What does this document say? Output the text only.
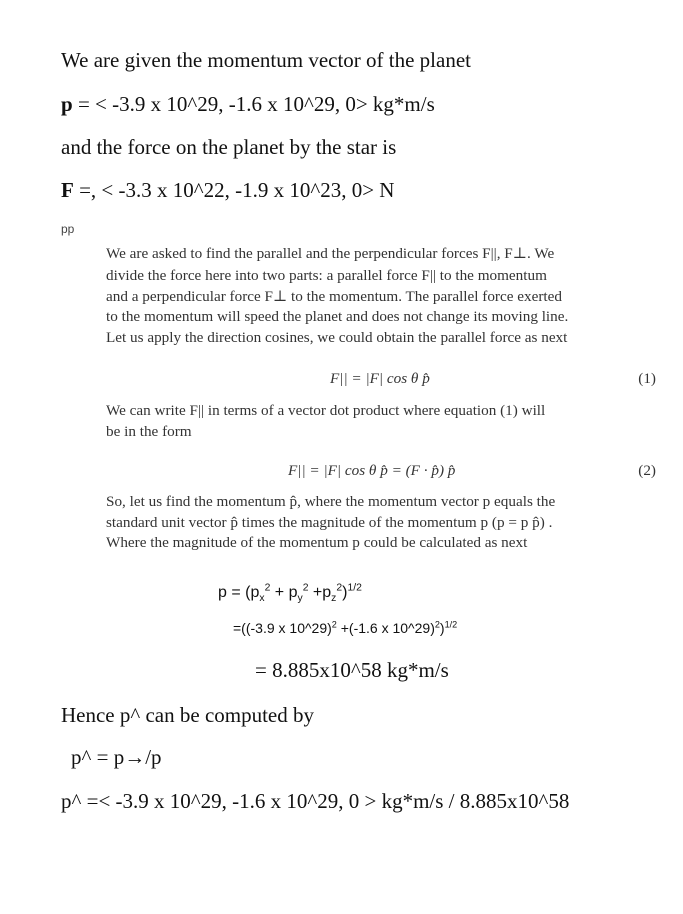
We are given the momentum vector of the planet
p = < -3.9 x 10^29, -1.6 x 10^29, 0> kg*m/s
and the force on the planet by the star is
F =, < -3.3 x 10^22, -1.9 x 10^23, 0> N
pp
We are asked to find the parallel and the perpendicular forces F||, F⊥. We
divide the force here into two parts: a parallel force F|| to the momentum
and a perpendicular force F⊥ to the momentum. The parallel force exerted
to the momentum will speed the planet and does not change its moving line.
Let us apply the direction cosines, we could obtain the parallel force as next
F|| = |F| cos θ p̂	(1)
We can write F|| in terms of a vector dot product where equation (1) will
be in the form
F|| = |F| cos θ p̂ = (F · p̂) p̂	(2)
So, let us find the momentum p̂, where the momentum vector p equals the
standard unit vector p̂ times the magnitude of the momentum p (p = p p̂) .
Where the magnitude of the momentum p could be calculated as next
$p = (p_x^2 + p_y^2 +p_z^2)^{1/2}$
=((-3.9 x 10^29)$^2$ +(-1.6 x 10^29)$^2$)$^{1/2}$
= 8.885x10^58 kg*m/s
Hence p^ can be computed by
p^ = p→/p
p^ =< -3.9 x 10^29, -1.6 x 10^29, 0 > kg*m/s / 8.885x10^58
